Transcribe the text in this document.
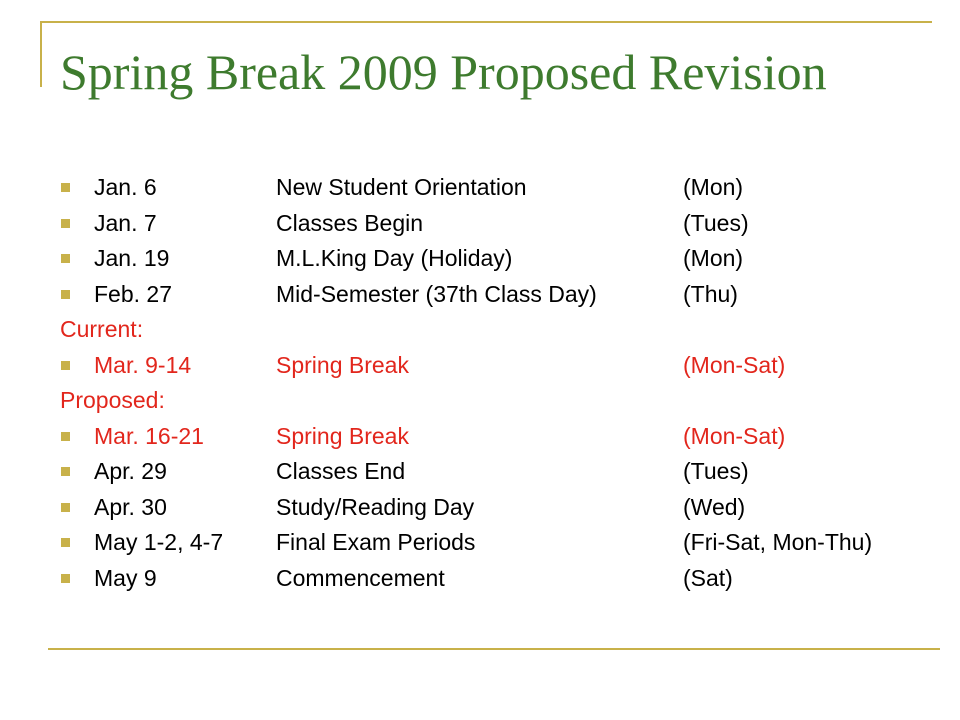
Spring Break 2009 Proposed Revision
Jan. 6	New Student Orientation	(Mon)
Jan. 7	Classes Begin	(Tues)
Jan. 19	M.L.King Day (Holiday)	(Mon)
Feb. 27	Mid-Semester (37th Class Day)	(Thu)
Current:
Mar. 9-14	Spring Break	(Mon-Sat)
Proposed:
Mar. 16-21	Spring Break	(Mon-Sat)
Apr. 29	Classes End	(Tues)
Apr. 30	Study/Reading Day	(Wed)
May 1-2, 4-7 Final Exam Periods	(Fri-Sat, Mon-Thu)
May 9	Commencement	(Sat)
